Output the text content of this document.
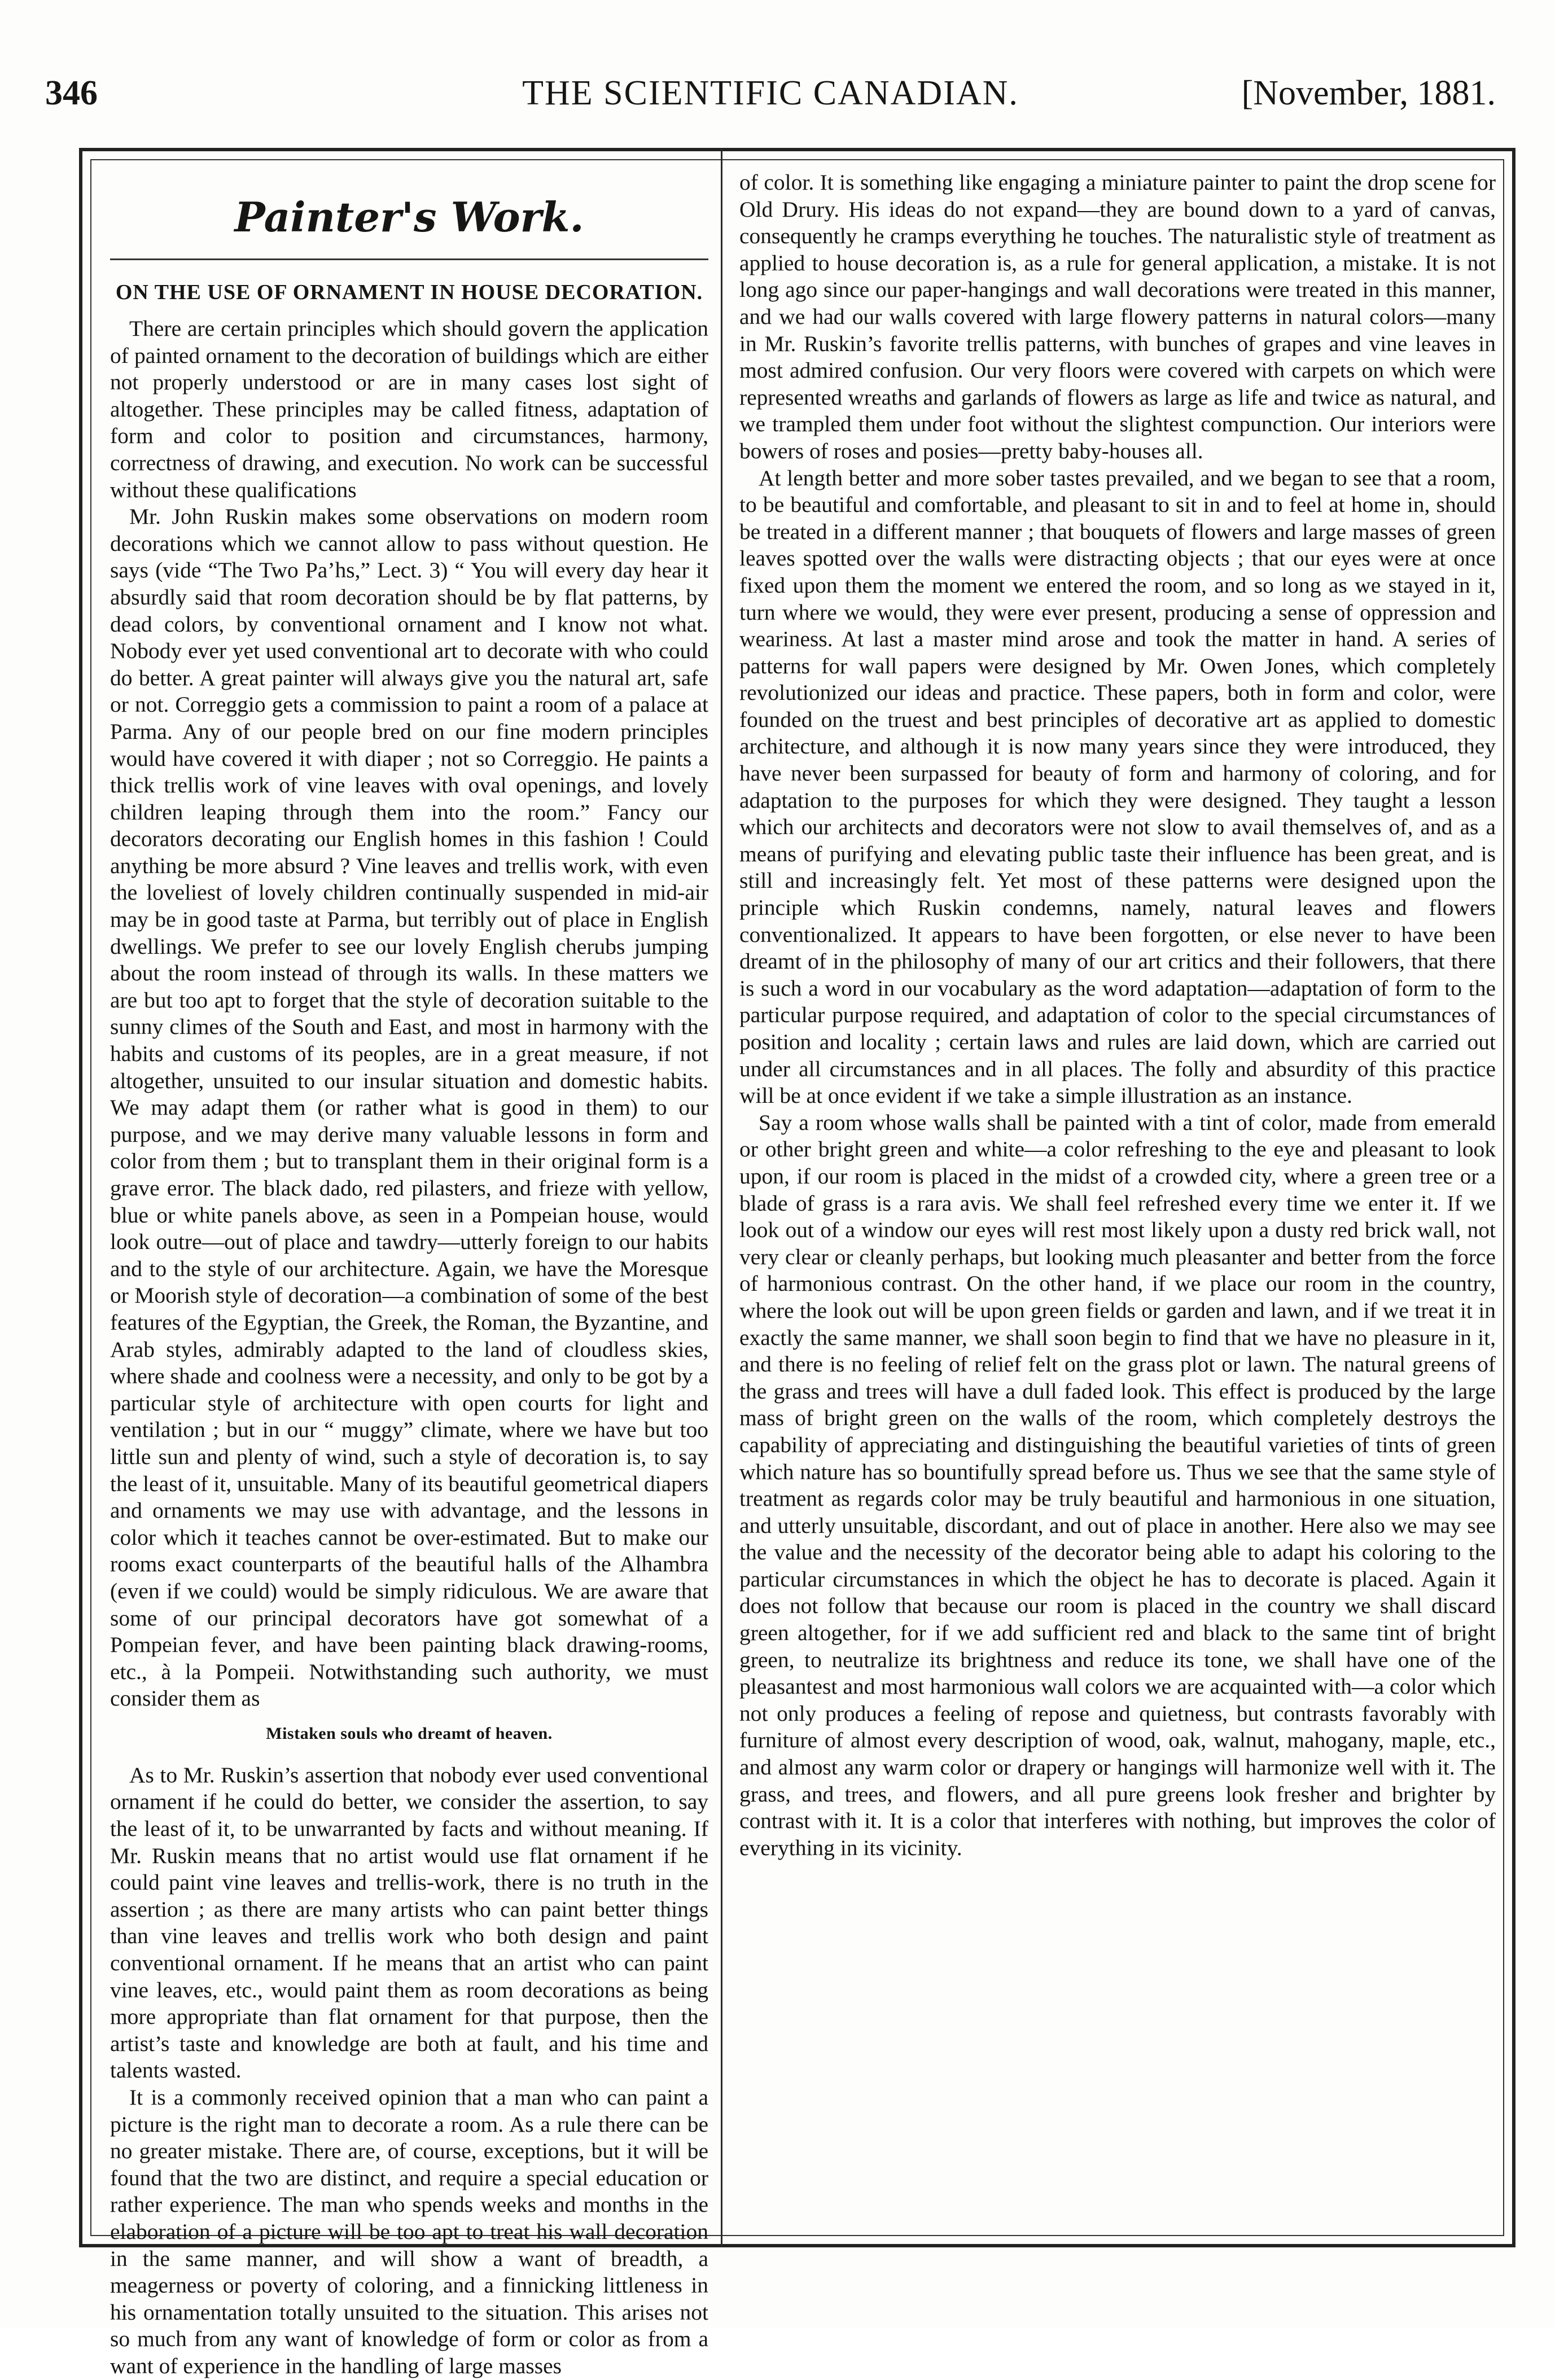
346	THE SCIENTIFIC CANADIAN.	[November, 1881.
Painter's Work.
ON THE USE OF ORNAMENT IN HOUSE DECORATION.

There are certain principles which should govern the application of painted ornament to the decoration of buildings which are either not properly understood or are in many cases lost sight of altogether. These principles may be called fitness, adaptation of form and color to position and circumstances, harmony, correctness of drawing, and execution. No work can be successful without these qualifications

Mr. John Ruskin makes some observations on modern room decorations which we cannot allow to pass without question. He says (vide “The Two Pa’hs,” Lect. 3) “ You will every day hear it absurdly said that room decoration should be by flat patterns, by dead colors, by conventional ornament and I know not what. Nobody ever yet used conventional art to decorate with who could do better. A great painter will always give you the natural art, safe or not. Correggio gets a commission to paint a room of a palace at Parma. Any of our people bred on our fine modern principles would have covered it with diaper ; not so Correggio. He paints a thick trellis work of vine leaves with oval openings, and lovely children leaping through them into the room.” Fancy our decorators decorating our English homes in this fashion ! Could anything be more absurd ? Vine leaves and trellis work, with even the loveliest of lovely children continually suspended in mid-air may be in good taste at Parma, but terribly out of place in English dwellings. We prefer to see our lovely English cherubs jumping about the room instead of through its walls. In these matters we are but too apt to forget that the style of decoration suitable to the sunny climes of the South and East, and most in harmony with the habits and customs of its peoples, are in a great measure, if not altogether, unsuited to our insular situation and domestic habits. We may adapt them (or rather what is good in them) to our purpose, and we may derive many valuable lessons in form and color from them ; but to transplant them in their original form is a grave error. The black dado, red pilasters, and frieze with yellow, blue or white panels above, as seen in a Pompeian house, would look outre—out of place and tawdry—utterly foreign to our habits and to the style of our architecture. Again, we have the Moresque or Moorish style of decoration—a combination of some of the best features of the Egyptian, the Greek, the Roman, the Byzantine, and Arab styles, admirably adapted to the land of cloudless skies, where shade and coolness were a necessity, and only to be got by a particular style of architecture with open courts for light and ventilation ; but in our “ muggy” climate, where we have but too little sun and plenty of wind, such a style of decoration is, to say the least of it, unsuitable. Many of its beautiful geometrical diapers and ornaments we may use with advantage, and the lessons in color which it teaches cannot be over-estimated. But to make our rooms exact counterparts of the beautiful halls of the Alhambra (even if we could) would be simply ridiculous. We are aware that some of our principal decorators have got somewhat of a Pompeian fever, and have been painting black drawing-rooms, etc., à la Pompeii. Notwithstanding such authority, we must consider them as

Mistaken souls who dreamt of heaven.

As to Mr. Ruskin’s assertion that nobody ever used conventional ornament if he could do better, we consider the assertion, to say the least of it, to be unwarranted by facts and without meaning. If Mr. Ruskin means that no artist would use flat ornament if he could paint vine leaves and trellis-work, there is no truth in the assertion ; as there are many artists who can paint better things than vine leaves and trellis work who both design and paint conventional ornament. If he means that an artist who can paint vine leaves, etc., would paint them as room decorations as being more appropriate than flat ornament for that purpose, then the artist’s taste and knowledge are both at fault, and his time and talents wasted.

It is a commonly received opinion that a man who can paint a picture is the right man to decorate a room. As a rule there can be no greater mistake. There are, of course, exceptions, but it will be found that the two are distinct, and require a special education or rather experience. The man who spends weeks and months in the elaboration of a picture will be too apt to treat his wall decoration in the same manner, and will show a want of breadth, a meagerness or poverty of coloring, and a finnicking littleness in his ornamentation totally unsuited to the situation. This arises not so much from any want of knowledge of form or color as from a want of experience in the handling of large masses

of color. It is something like engaging a miniature painter to paint the drop scene for Old Drury. His ideas do not expand—they are bound down to a yard of canvas, consequently he cramps everything he touches. The naturalistic style of treatment as applied to house decoration is, as a rule for general application, a mistake. It is not long ago since our paper-hangings and wall decorations were treated in this manner, and we had our walls covered with large flowery patterns in natural colors—many in Mr. Ruskin’s favorite trellis patterns, with bunches of grapes and vine leaves in most admired confusion. Our very floors were covered with carpets on which were represented wreaths and garlands of flowers as large as life and twice as natural, and we trampled them under foot without the slightest compunction. Our interiors were bowers of roses and posies—pretty baby-houses all.

At length better and more sober tastes prevailed, and we began to see that a room, to be beautiful and comfortable, and pleasant to sit in and to feel at home in, should be treated in a different manner ; that bouquets of flowers and large masses of green leaves spotted over the walls were distracting objects ; that our eyes were at once fixed upon them the moment we entered the room, and so long as we stayed in it, turn where we would, they were ever present, producing a sense of oppression and weariness. At last a master mind arose and took the matter in hand. A series of patterns for wall papers were designed by Mr. Owen Jones, which completely revolutionized our ideas and practice. These papers, both in form and color, were founded on the truest and best principles of decorative art as applied to domestic architecture, and although it is now many years since they were introduced, they have never been surpassed for beauty of form and harmony of coloring, and for adaptation to the purposes for which they were designed. They taught a lesson which our architects and decorators were not slow to avail themselves of, and as a means of purifying and elevating public taste their influence has been great, and is still and increasingly felt. Yet most of these patterns were designed upon the principle which Ruskin condemns, namely, natural leaves and flowers conventionalized. It appears to have been forgotten, or else never to have been dreamt of in the philosophy of many of our art critics and their followers, that there is such a word in our vocabulary as the word adaptation—adaptation of form to the particular purpose required, and adaptation of color to the special circumstances of position and locality ; certain laws and rules are laid down, which are carried out under all circumstances and in all places. The folly and absurdity of this practice will be at once evident if we take a simple illustration as an instance.

Say a room whose walls shall be painted with a tint of color, made from emerald or other bright green and white—a color refreshing to the eye and pleasant to look upon, if our room is placed in the midst of a crowded city, where a green tree or a blade of grass is a rara avis. We shall feel refreshed every time we enter it. If we look out of a window our eyes will rest most likely upon a dusty red brick wall, not very clear or cleanly perhaps, but looking much pleasanter and better from the force of harmonious contrast. On the other hand, if we place our room in the country, where the look out will be upon green fields or garden and lawn, and if we treat it in exactly the same manner, we shall soon begin to find that we have no pleasure in it, and there is no feeling of relief felt on the grass plot or lawn. The natural greens of the grass and trees will have a dull faded look. This effect is produced by the large mass of bright green on the walls of the room, which completely destroys the capability of appreciating and distinguishing the beautiful varieties of tints of green which nature has so bountifully spread before us. Thus we see that the same style of treatment as regards color may be truly beautiful and harmonious in one situation, and utterly unsuitable, discordant, and out of place in another. Here also we may see the value and the necessity of the decorator being able to adapt his coloring to the particular circumstances in which the object he has to decorate is placed. Again it does not follow that because our room is placed in the country we shall discard green altogether, for if we add sufficient red and black to the same tint of bright green, to neutralize its brightness and reduce its tone, we shall have one of the pleasantest and most harmonious wall colors we are acquainted with—a color which not only produces a feeling of repose and quietness, but contrasts favorably with furniture of almost every description of wood, oak, walnut, mahogany, maple, etc., and almost any warm color or drapery or hangings will harmonize well with it. The grass, and trees, and flowers, and all pure greens look fresher and brighter by contrast with it. It is a color that interferes with nothing, but improves the color of everything in its vicinity.
